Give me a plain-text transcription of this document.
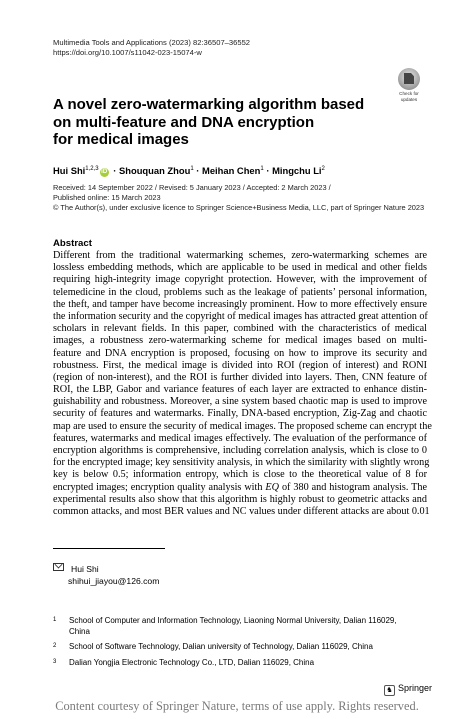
Multimedia Tools and Applications (2023) 82:36507–36552
https://doi.org/10.1007/s11042-023-15074-w
Check for
updates
A novel zero-watermarking algorithm based
on multi-feature and DNA encryption
for medical images
Hui Shi$^{1,2,3}$iD · Shouquan Zhou$^1$ · Meihan Chen$^1$ · Mingchu Li$^2$
Received: 14 September 2022 / Revised: 5 January 2023 / Accepted: 2 March 2023 /
Published online: 15 March 2023
© The Author(s), under exclusive licence to Springer Science+Business Media, LLC, part of Springer Nature 2023
Abstract
Different from the traditional watermarking schemes, zero-watermarking schemes are
lossless embedding methods, which are applicable to be used in medical and other fields
requiring high-integrity image copyright protection. However, with the improvement of
telemedicine in the cloud, problems such as the leakage of patients’ personal information,
the theft, and tamper have become increasingly prominent. How to more effectively ensure
the information security and the copyright of medical images has attracted great attention of
scholars in relevant fields. In this paper, combined with the characteristics of medical
images, a robustness zero-watermarking scheme for medical images based on multi-
feature and DNA encryption is proposed, focusing on how to improve its security and
robustness. First, the medical image is divided into ROI (region of interest) and RONI
(region of non-interest), and the ROI is further divided into layers. Then, CNN feature of
ROI, the LBP, Gabor and variance features of each layer are extracted to enhance distin-
guishability and robustness. Moreover, a sine system based chaotic map is used to improve
security of features and watermarks. Finally, DNA-based encryption, Zig-Zag and chaotic
map are used to ensure the security of medical images. The proposed scheme can encrypt the
features, watermarks and medical images effectively. The evaluation of the performance of
encryption algorithms is comprehensive, including correlation analysis, which is close to 0
for the encrypted image; key sensitivity analysis, in which the similarity with slightly wrong
key is below 0.5; information entropy, which is close to the theoretical value of 8 for
encrypted images; encryption quality analysis with EQ of 380 and histogram analysis. The
experimental results also show that this algorithm is highly robust to geometric attacks and
common attacks, and most BER values and NC values under different attacks are about 0.01
Hui Shi
shihui_jiayou@126.com
1 School of Computer and Information Technology, Liaoning Normal University, Dalian 116029, China
2 School of Software Technology, Dalian university of Technology, Dalian 116029, China
3 Dalian Yongjia Electronic Technology Co., LTD, Dalian 116029, China
♞ Springer
Content courtesy of Springer Nature, terms of use apply. Rights reserved.
